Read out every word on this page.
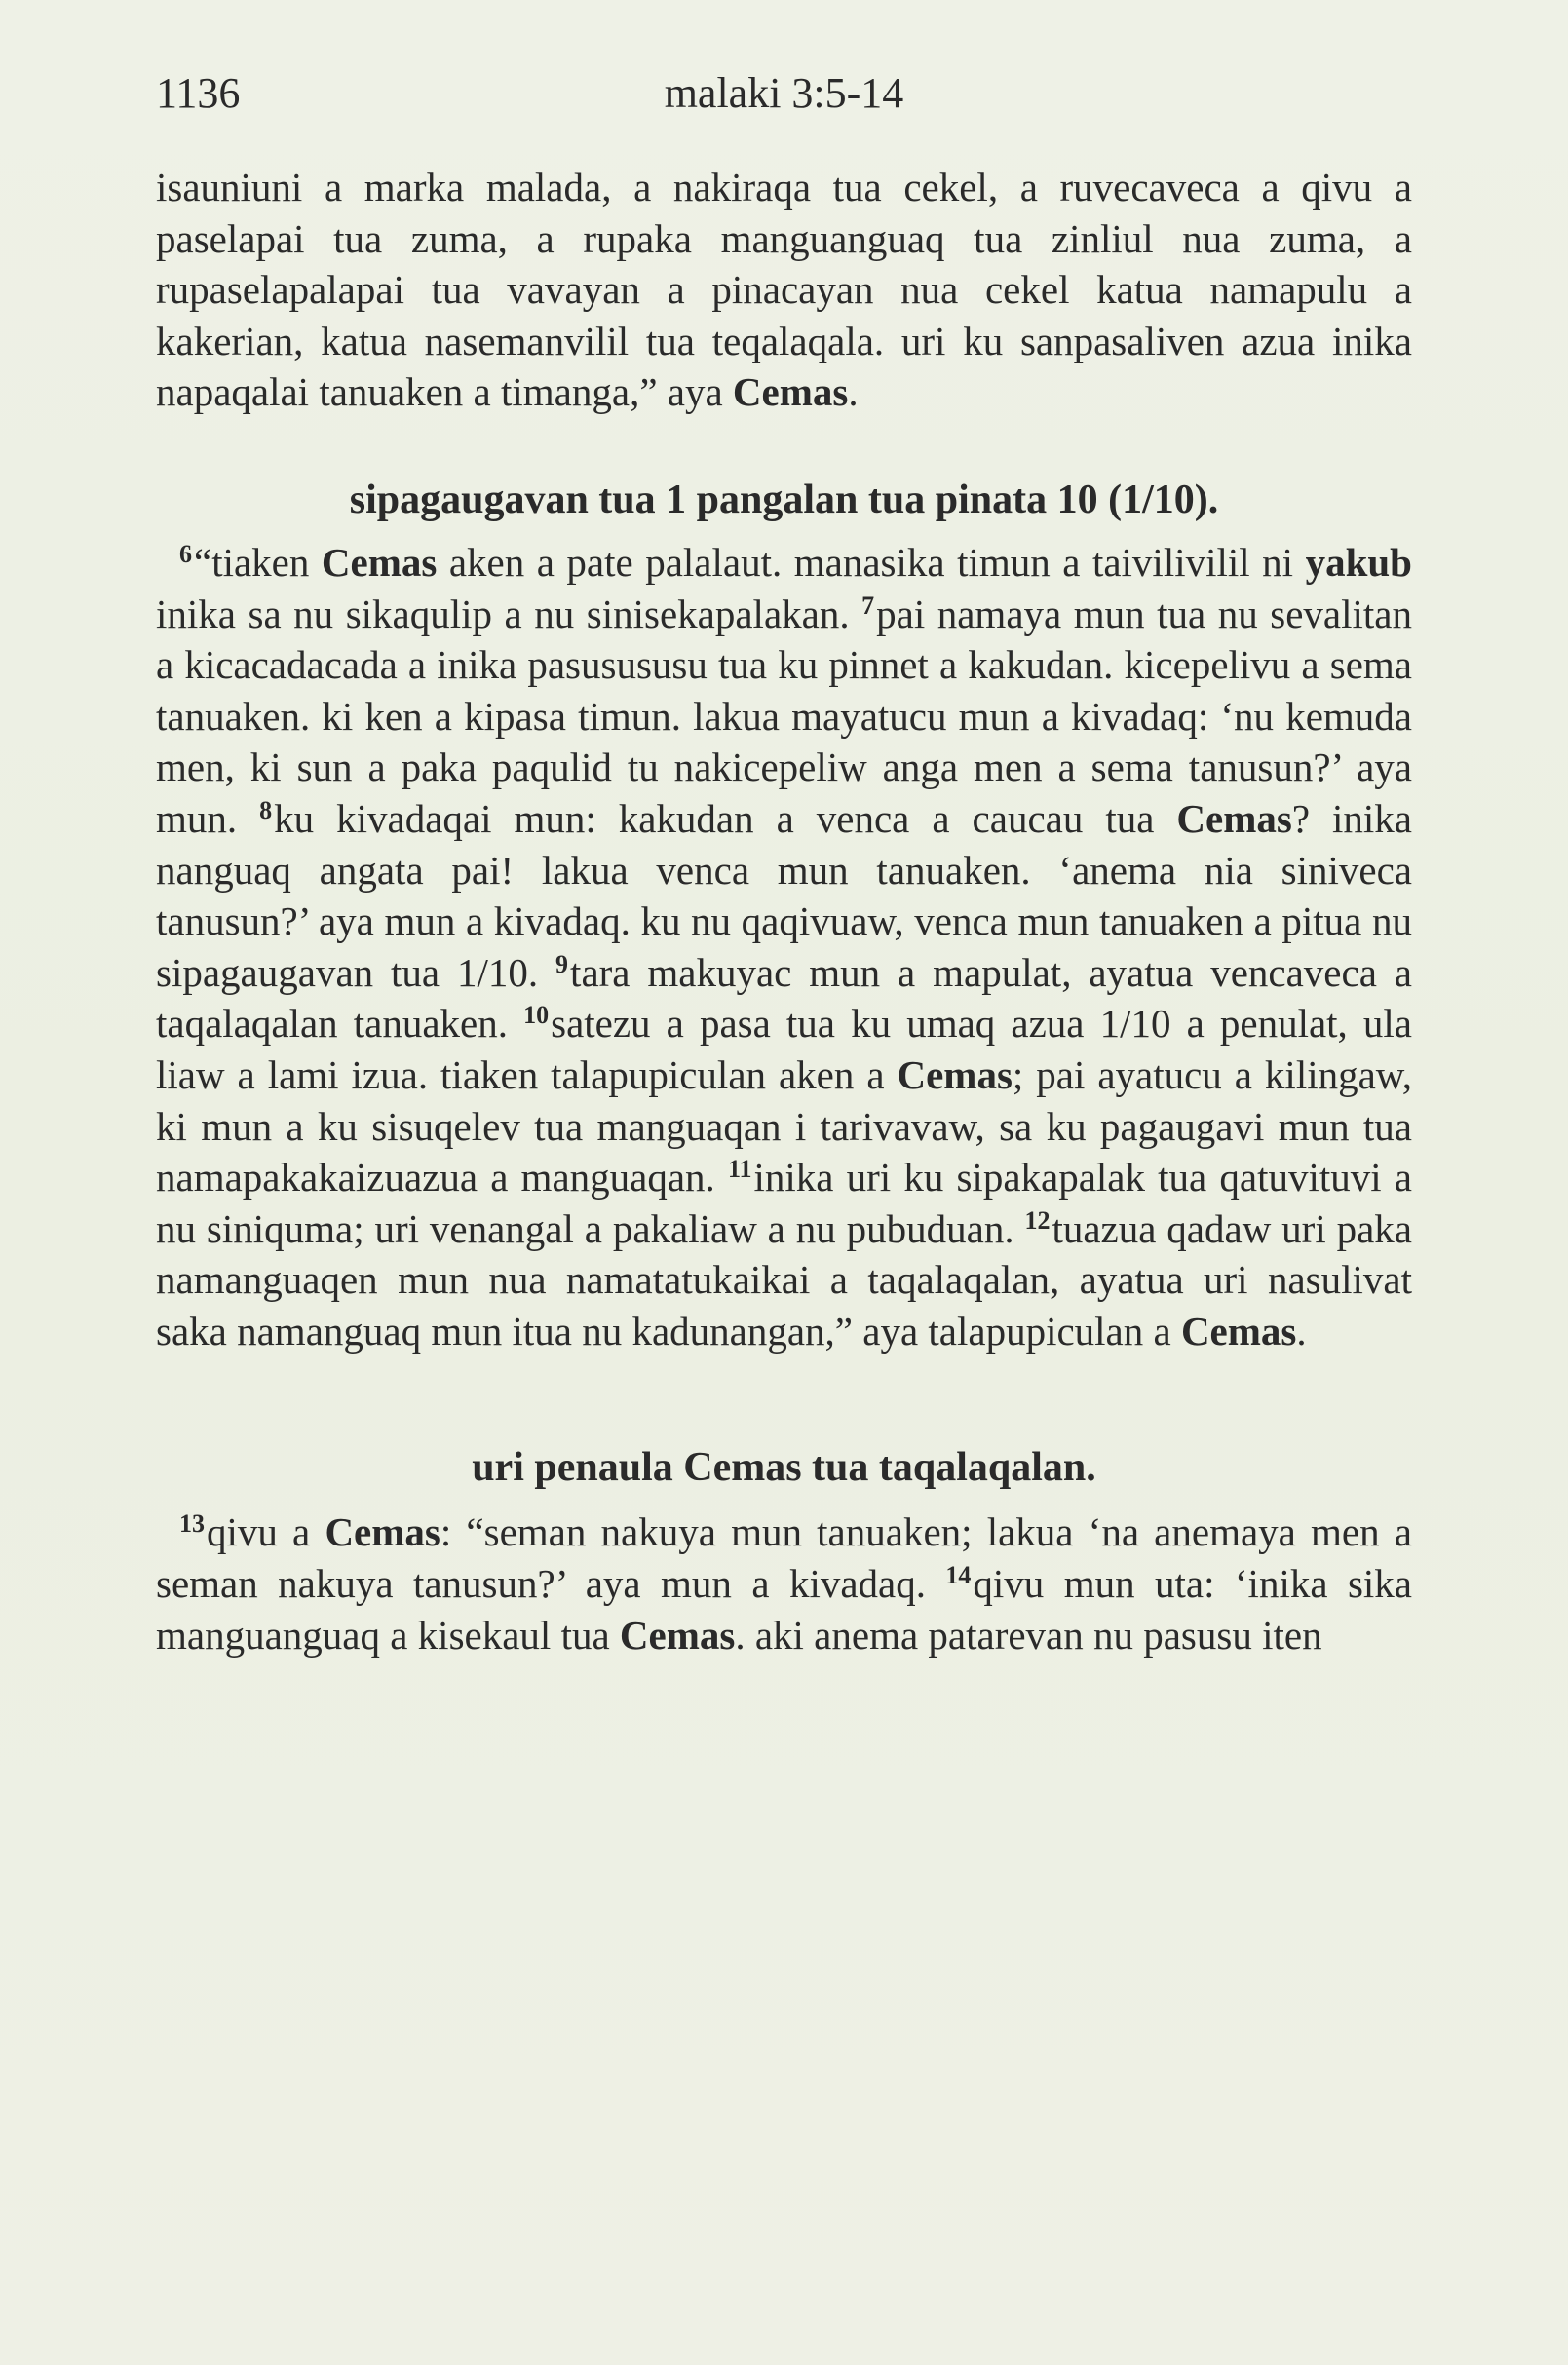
1136	malaki 3:5-14

isauniuni a marka malada, a nakiraqa tua cekel, a ruvecaveca a qivu a paselapai tua zuma, a rupaka manguanguaq tua zinliul nua zuma, a rupaselapalapai tua vavayan a pinacayan nua cekel katua namapulu a kakerian, katua nasemanvilil tua teqalaqala. uri ku sanpasaliven azua inika napaqalai tanuaken a timanga,” aya Cemas.

sipagaugavan tua 1 pangalan tua pinata 10 (1/10).

$^6$“tiaken Cemas aken a pate palalaut. manasika timun a taivilivilil ni yakub inika sa nu sikaqulip a nu sinisekapalakan. $^7$pai namaya mun tua nu sevalitan a kicacadacada a inika pasusususu tua ku pinnet a kakudan. kicepelivu a sema tanuaken. ki ken a kipasa timun. lakua mayatucu mun a kivadaq: ‘nu kemuda men, ki sun a paka paqulid tu nakicepeliw anga men a sema tanusun?’ aya mun. $^8$ku kivadaqai mun: kakudan a venca a caucau tua Cemas? inika nanguaq angata pai! lakua venca mun tanuaken. ‘anema nia siniveca tanusun?’ aya mun a kivadaq. ku nu qaqivuaw, venca mun tanuaken a pitua nu sipagaugavan tua 1/10. $^9$tara makuyac mun a mapulat, ayatua vencaveca a taqalaqalan tanuaken. $^{10}$satezu a pasa tua ku umaq azua 1/10 a penulat, ula liaw a lami izua. tiaken talapupiculan aken a Cemas; pai ayatucu a kilingaw, ki mun a ku sisuqelev tua manguaqan i tarivavaw, sa ku pagaugavi mun tua namapakakaizuazua a manguaqan. $^{11}$inika uri ku sipakapalak tua qatuvituvi a nu siniquma; uri venangal a pakaliaw a nu pubuduan. $^{12}$tuazua qadaw uri paka namanguaqen mun nua namatatukaikai a taqalaqalan, ayatua uri nasulivat saka namanguaq mun itua nu kadunangan,” aya talapupiculan a Cemas.

uri penaula Cemas tua taqalaqalan.

$^{13}$qivu a Cemas: “seman nakuya mun tanuaken; lakua ‘na anemaya men a seman nakuya tanusun?’ aya mun a kivadaq. $^{14}$qivu mun uta: ‘inika sika manguanguaq a kisekaul tua Cemas. aki anema patarevan nu pasusu iten
